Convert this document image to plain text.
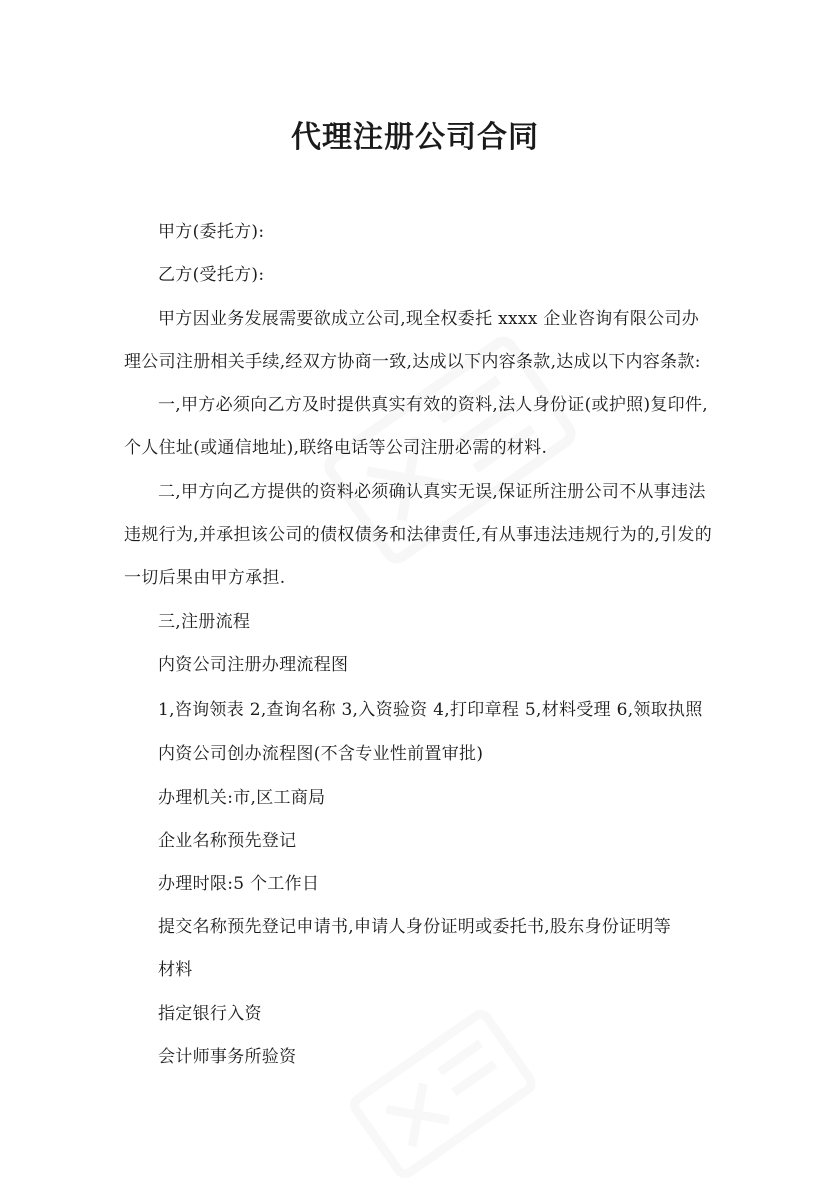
代理注册公司合同

甲方(委托方):

乙方(受托方):

甲方因业务发展需要欲成立公司,现全权委托 xxxx 企业咨询有限公司办理公司注册相关手续,经双方协商一致,达成以下内容条款,达成以下内容条款:

一,甲方必须向乙方及时提供真实有效的资料,法人身份证(或护照)复印件,个人住址(或通信地址),联络电话等公司注册必需的材料.

二,甲方向乙方提供的资料必须确认真实无误,保证所注册公司不从事违法违规行为,并承担该公司的债权债务和法律责任,有从事违法违规行为的,引发的一切后果由甲方承担.

三,注册流程

内资公司注册办理流程图

1,咨询领表 2,查询名称 3,入资验资 4,打印章程 5,材料受理 6,领取执照

内资公司创办流程图(不含专业性前置审批)

办理机关:市,区工商局

企业名称预先登记

办理时限:5 个工作日

提交名称预先登记申请书,申请人身份证明或委托书,股东身份证明等

材料

指定银行入资

会计师事务所验资
